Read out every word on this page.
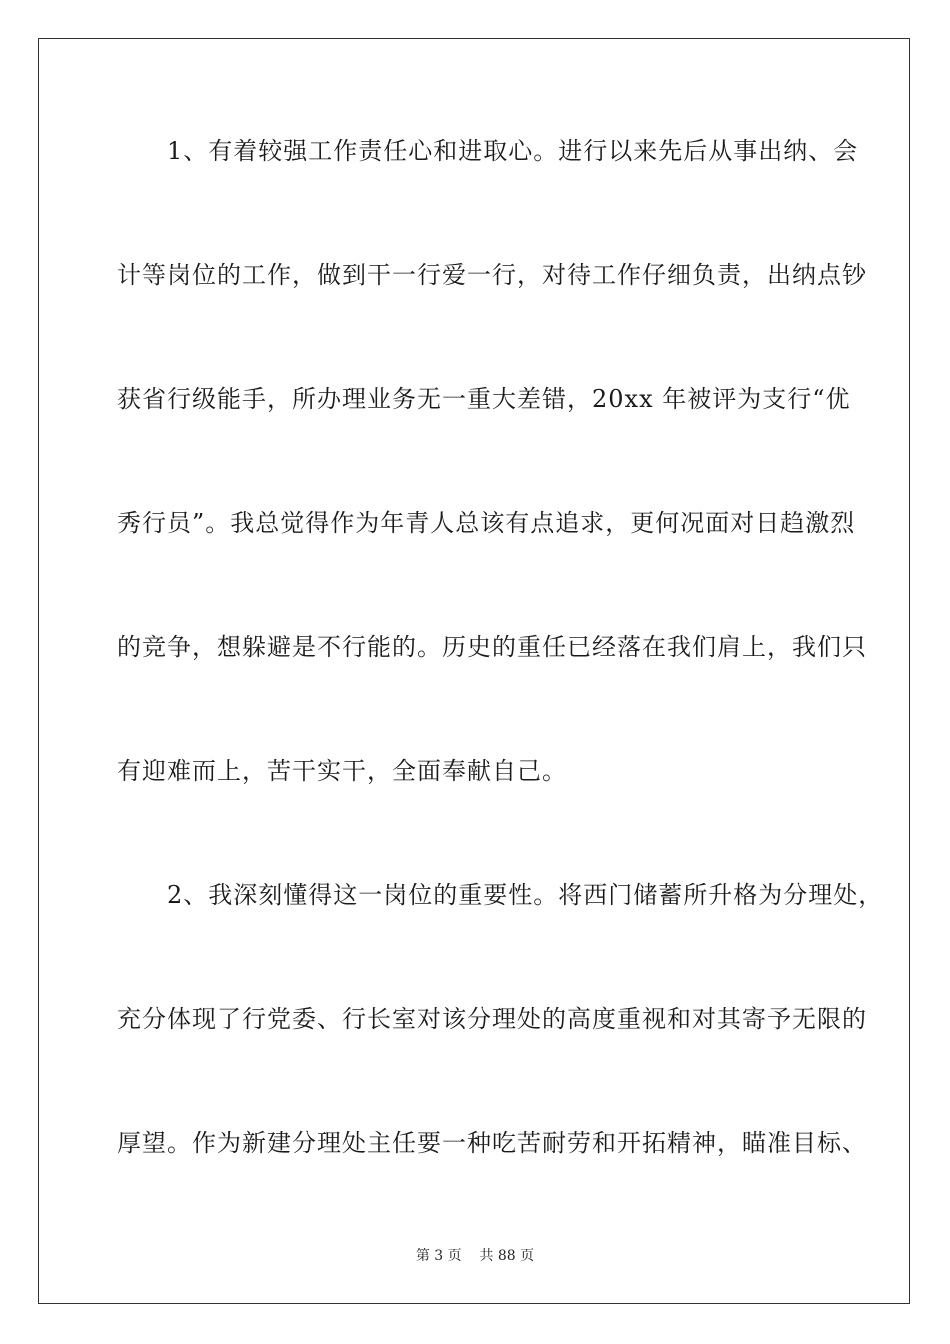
　　1、有着较强工作责任心和进取心。进行以来先后从事出纳、会
计等岗位的工作，做到干一行爱一行，对待工作仔细负责，出纳点钞
获省行级能手，所办理业务无一重大差错，20xx 年被评为支行“优
秀行员”。我总觉得作为年青人总该有点追求，更何况面对日趋激烈
的竞争，想躲避是不行能的。历史的重任已经落在我们肩上，我们只
有迎难而上，苦干实干，全面奉献自己。
　　2、我深刻懂得这一岗位的重要性。将西门储蓄所升格为分理处，
充分体现了行党委、行长室对该分理处的高度重视和对其寄予无限的
厚望。作为新建分理处主任要一种吃苦耐劳和开拓精神，瞄准目标、
第 3 页 共 88 页
